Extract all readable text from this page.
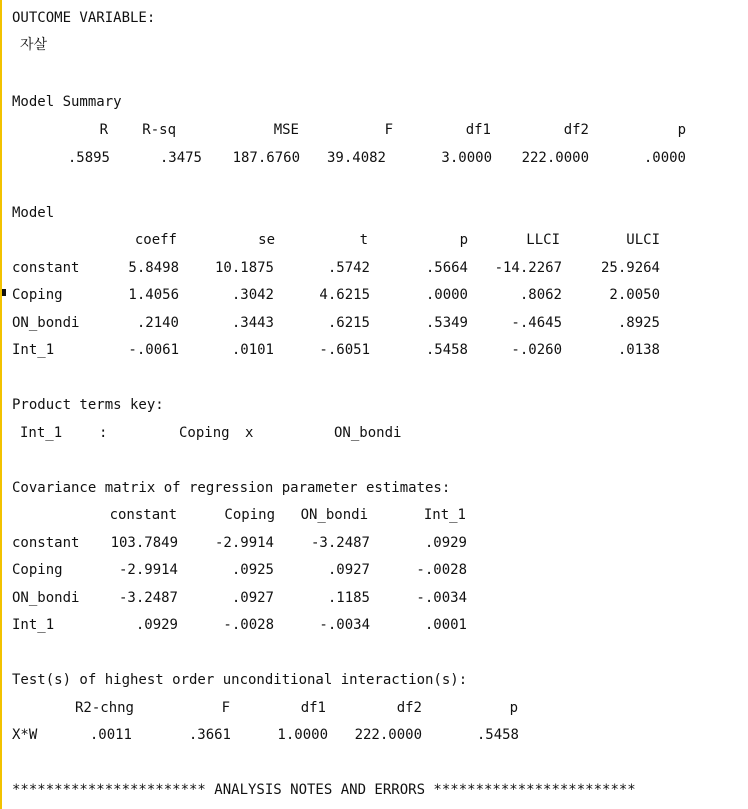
OUTCOME VARIABLE:
자살
Model Summary
R R-sq	MSE	F	df1	df2	p
.5895	.3475 187.6760 39.4082	3.0000 222.0000	.0000
Model
coeff	se	t	p	LLCI	ULCI
constant	5.8498	10.1875	.5742	.5664 -14.2267	25.9264
Coping	1.4056	.3042	4.6215	.0000	.8062	2.0050
ON_bondi	.2140	.3443	.6215	.5349	-.4645	.8925
Int_1	-.0061	.0101	-.6051	.5458	-.0260	.0138
Product terms key:
Int_1	:	Coping x	ON_bondi
Covariance matrix of regression parameter estimates:
constant	Coping ON_bondi	Int_1
constant 103.7849	-2.9914	-3.2487	.0929
Coping	-2.9914	.0925	.0927	-.0028
ON_bondi	-3.2487	.0927	.1185	-.0034
Int_1	.0929	-.0028	-.0034	.0001
Test(s) of highest order unconditional interaction(s):
R2-chng	F	df1	df2	p
X*W	.0011	.3661	1.0000 222.0000	.5458
*********************** ANALYSIS NOTES AND ERRORS ************************
